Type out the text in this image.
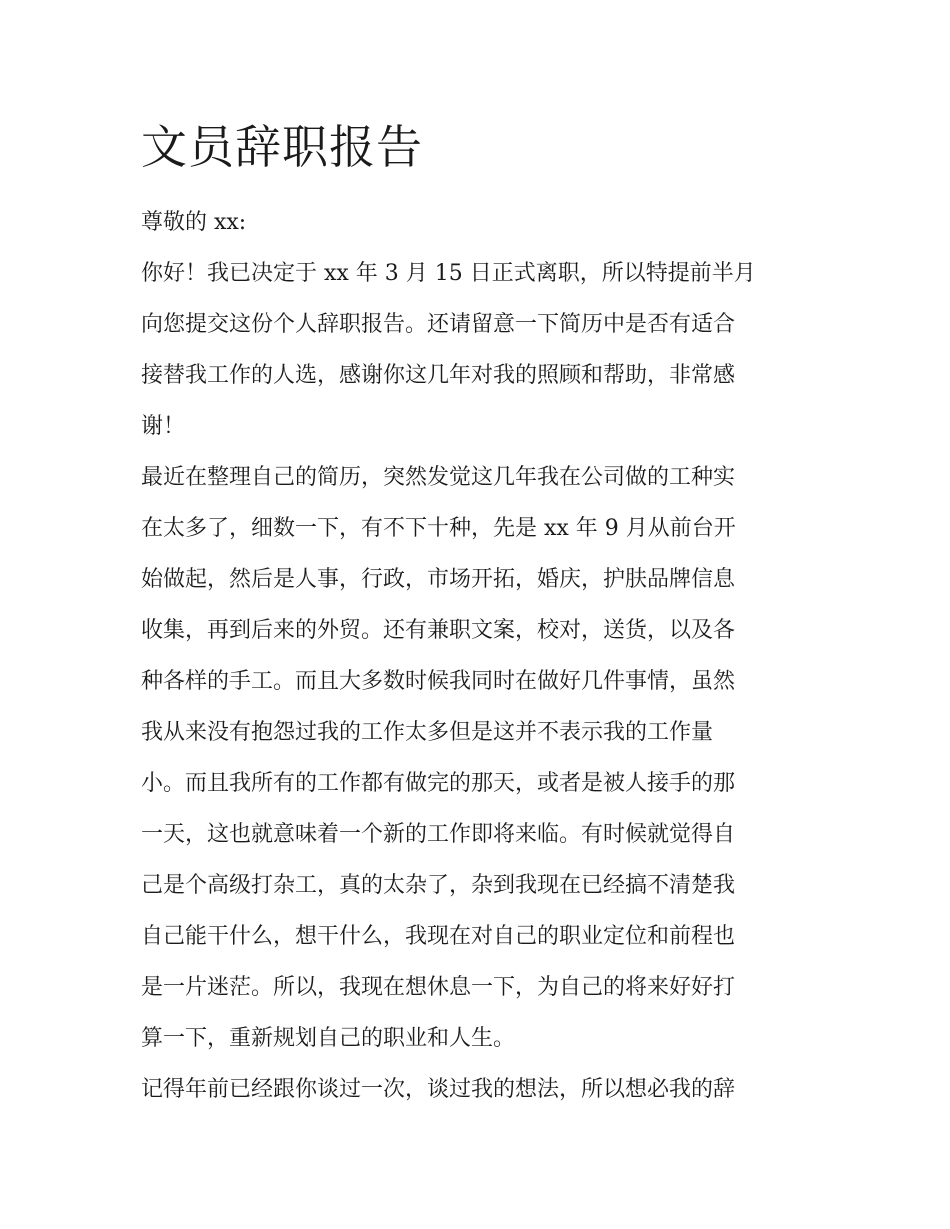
文员辞职报告
尊敬的 xx:
你好！我已决定于 xx 年 3 月 15 日正式离职，所以特提前半月
向您提交这份个人辞职报告。还请留意一下简历中是否有适合
接替我工作的人选，感谢你这几年对我的照顾和帮助，非常感
谢！
最近在整理自己的简历，突然发觉这几年我在公司做的工种实
在太多了，细数一下，有不下十种，先是 xx 年 9 月从前台开
始做起，然后是人事，行政，市场开拓，婚庆，护肤品牌信息
收集，再到后来的外贸。还有兼职文案，校对，送货，以及各
种各样的手工。而且大多数时候我同时在做好几件事情，虽然
我从来没有抱怨过我的工作太多但是这并不表示我的工作量
小。而且我所有的工作都有做完的那天，或者是被人接手的那
一天，这也就意味着一个新的工作即将来临。有时候就觉得自
己是个高级打杂工，真的太杂了，杂到我现在已经搞不清楚我
自己能干什么，想干什么，我现在对自己的职业定位和前程也
是一片迷茫。所以，我现在想休息一下，为自己的将来好好打
算一下，重新规划自己的职业和人生。
记得年前已经跟你谈过一次，谈过我的想法，所以想必我的辞
